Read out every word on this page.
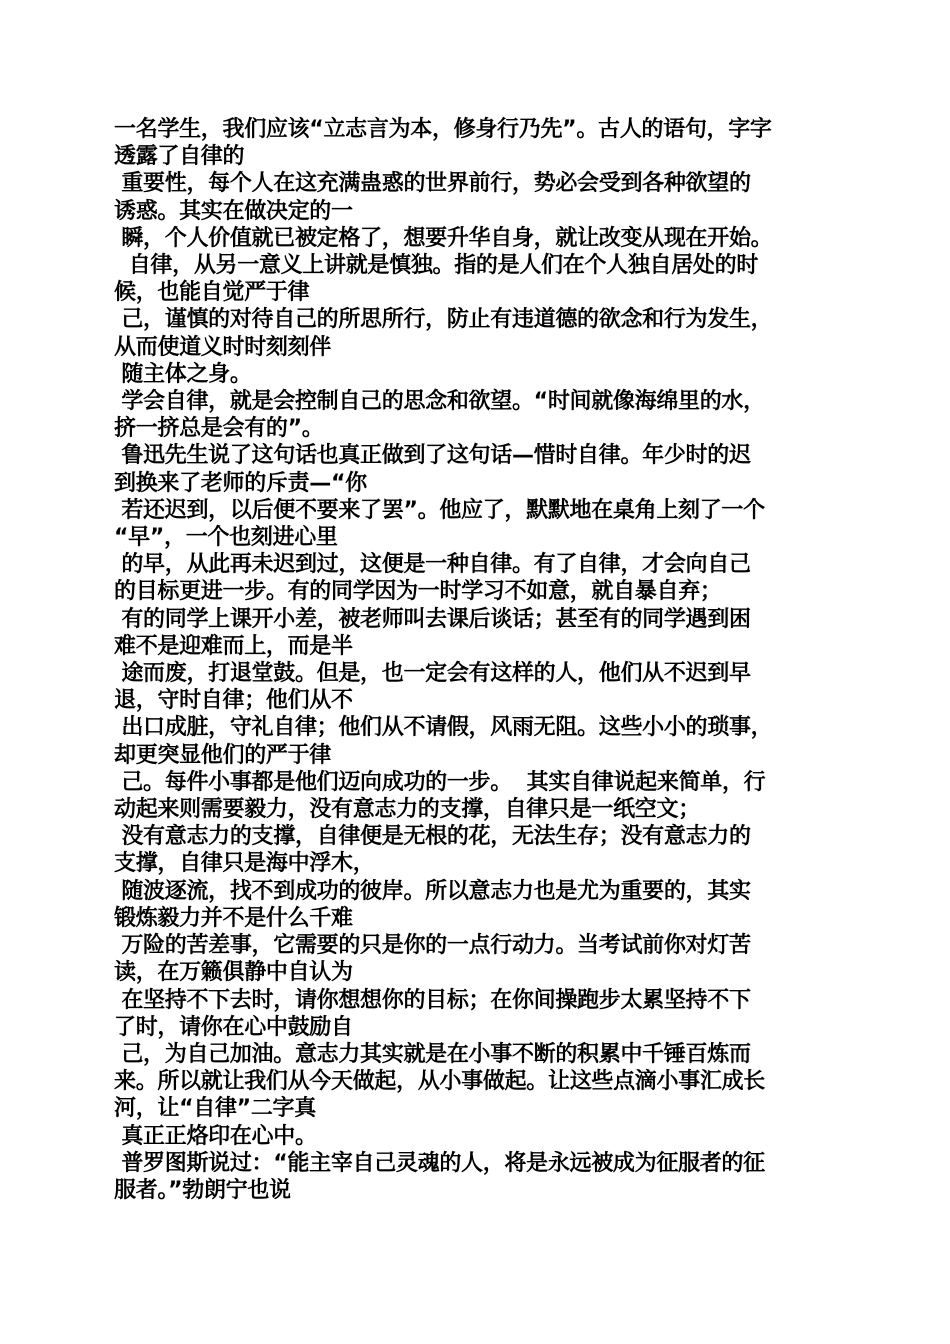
一名学生，我们应该“立志言为本，修身行乃先”。古人的语句，字字
透露了自律的
重要性，每个人在这充满蛊惑的世界前行，势必会受到各种欲望的
诱惑。其实在做决定的一
瞬，个人价值就已被定格了，想要升华自身，就让改变从现在开始。
自律，从另一意义上讲就是慎独。指的是人们在个人独自居处的时
候，也能自觉严于律
己，谨慎的对待自己的所思所行，防止有违道德的欲念和行为发生，
从而使道义时时刻刻伴
随主体之身。
学会自律，就是会控制自己的思念和欲望。“时间就像海绵里的水，
挤一挤总是会有的”。
鲁迅先生说了这句话也真正做到了这句话—惜时自律。年少时的迟
到换来了老师的斥责—“你
若还迟到，以后便不要来了罢”。他应了，默默地在桌角上刻了一个
“早”，一个也刻进心里
的早，从此再未迟到过，这便是一种自律。有了自律，才会向自己
的目标更进一步。有的同学因为一时学习不如意，就自暴自弃；
有的同学上课开小差，被老师叫去课后谈话；甚至有的同学遇到困
难不是迎难而上，而是半
途而废，打退堂鼓。但是，也一定会有这样的人，他们从不迟到早
退，守时自律；他们从不
出口成脏，守礼自律；他们从不请假，风雨无阻。这些小小的琐事，
却更突显他们的严于律
己。每件小事都是他们迈向成功的一步。  其实自律说起来简单，行
动起来则需要毅力，没有意志力的支撑，自律只是一纸空文；
没有意志力的支撑，自律便是无根的花，无法生存；没有意志力的
支撑，自律只是海中浮木，
随波逐流，找不到成功的彼岸。所以意志力也是尤为重要的，其实
锻炼毅力并不是什么千难
万险的苦差事，它需要的只是你的一点行动力。当考试前你对灯苦
读，在万籁俱静中自认为
在坚持不下去时，请你想想你的目标；在你间操跑步太累坚持不下
了时，请你在心中鼓励自
己，为自己加油。意志力其实就是在小事不断的积累中千锤百炼而
来。所以就让我们从今天做起，从小事做起。让这些点滴小事汇成长
河，让“自律”二字真
真正正烙印在心中。
普罗图斯说过：“能主宰自己灵魂的人，将是永远被成为征服者的征
服者。”勃朗宁也说
